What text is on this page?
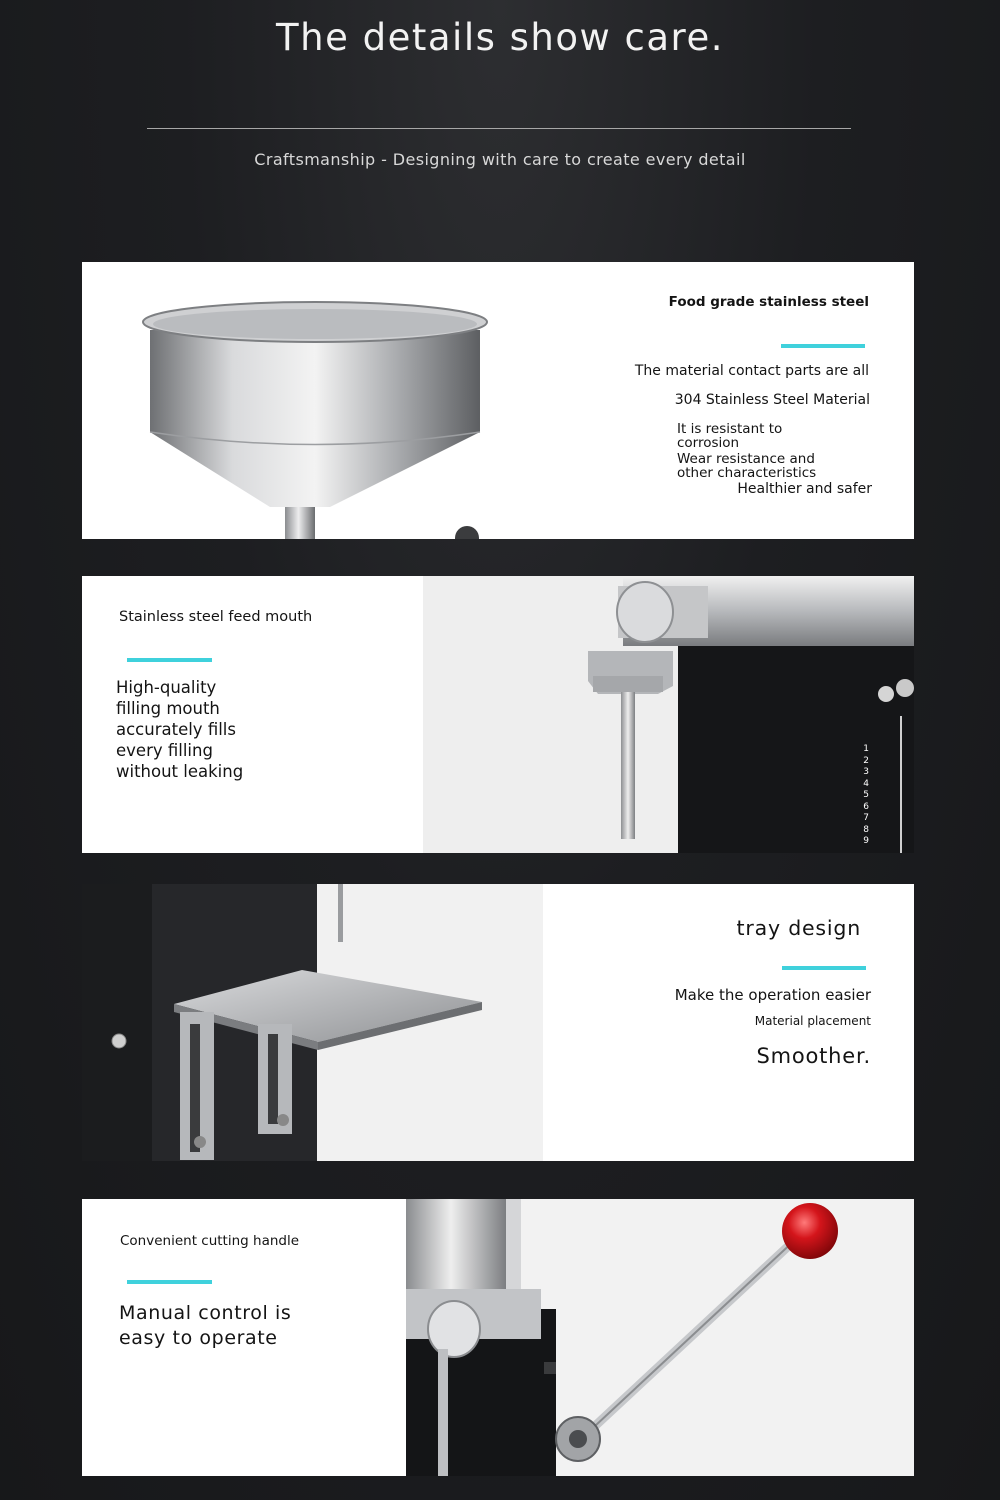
The details show care.
Craftsmanship - Designing with care to create every detail
Food grade stainless steel
The material contact parts are all
304 Stainless Steel Material
It is resistant to
corrosion
Wear resistance and
other characteristics
Healthier and safer
Stainless steel feed mouth
High-quality
filling mouth
accurately fills
every filling
without leaking
1
2
3
4
5
6
7
8
9
tray design
Make the operation easier
Material placement
Smoother.
Convenient cutting handle
Manual control is
easy to operate
